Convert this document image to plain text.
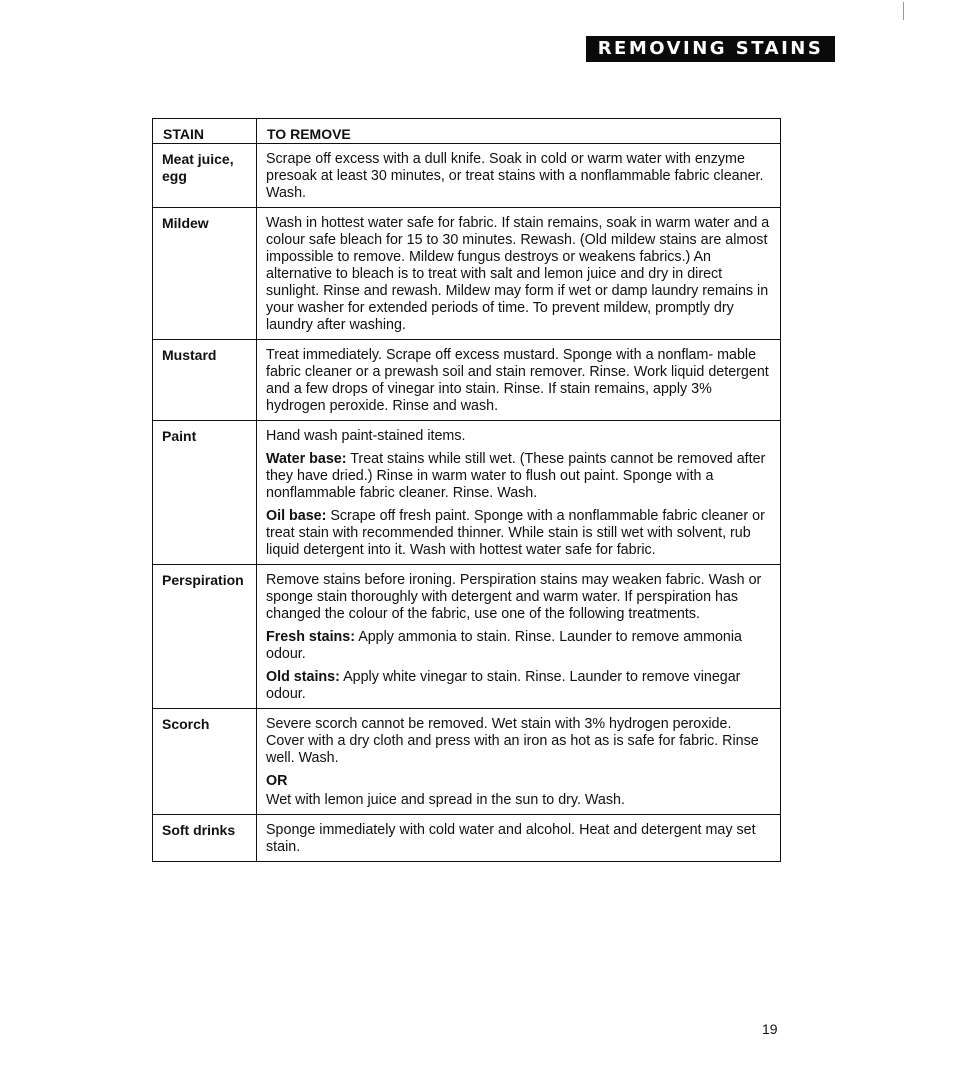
REMOVING STAINS
STAIN	TO REMOVE
Meat juice, egg	Scrape off excess with a dull knife. Soak in cold or warm water with enzyme presoak at least 30 minutes, or treat stains with a nonflammable fabric cleaner. Wash.

Mildew	Wash in hottest water safe for fabric. If stain remains, soak in warm water and a colour safe bleach for 15 to 30 minutes. Rewash. (Old mildew stains are almost impossible to remove. Mildew fungus destroys or weakens fabrics.) An alternative to bleach is to treat with salt and lemon juice and dry in direct sunlight. Rinse and rewash. Mildew may form if wet or damp laundry remains in your washer for extended periods of time. To prevent mildew, promptly dry laundry after washing.

Mustard	Treat immediately. Scrape off excess mustard. Sponge with a nonflam- mable fabric cleaner or a prewash soil and stain remover. Rinse. Work liquid detergent and a few drops of vinegar into stain. Rinse. If stain remains, apply 3% hydrogen peroxide. Rinse and wash.

Paint	Hand wash paint-stained items.

Water base: Treat stains while still wet. (These paints cannot be removed after they have dried.) Rinse in warm water to flush out paint. Sponge with a nonflammable fabric cleaner. Rinse. Wash.

Oil base: Scrape off fresh paint. Sponge with a nonflammable fabric cleaner or treat stain with recommended thinner. While stain is still wet with solvent, rub liquid detergent into it. Wash with hottest water safe for fabric.

Perspiration	Remove stains before ironing. Perspiration stains may weaken fabric. Wash or sponge stain thoroughly with detergent and warm water. If perspiration has changed the colour of the fabric, use one of the following treatments.

Fresh stains: Apply ammonia to stain. Rinse. Launder to remove ammonia odour.

Old stains: Apply white vinegar to stain. Rinse. Launder to remove vinegar odour.

Scorch	Severe scorch cannot be removed. Wet stain with 3% hydrogen peroxide. Cover with a dry cloth and press with an iron as hot as is safe for fabric. Rinse well. Wash.

OR

Wet with lemon juice and spread in the sun to dry. Wash.

Soft drinks	Sponge immediately with cold water and alcohol. Heat and detergent may set stain.

19
